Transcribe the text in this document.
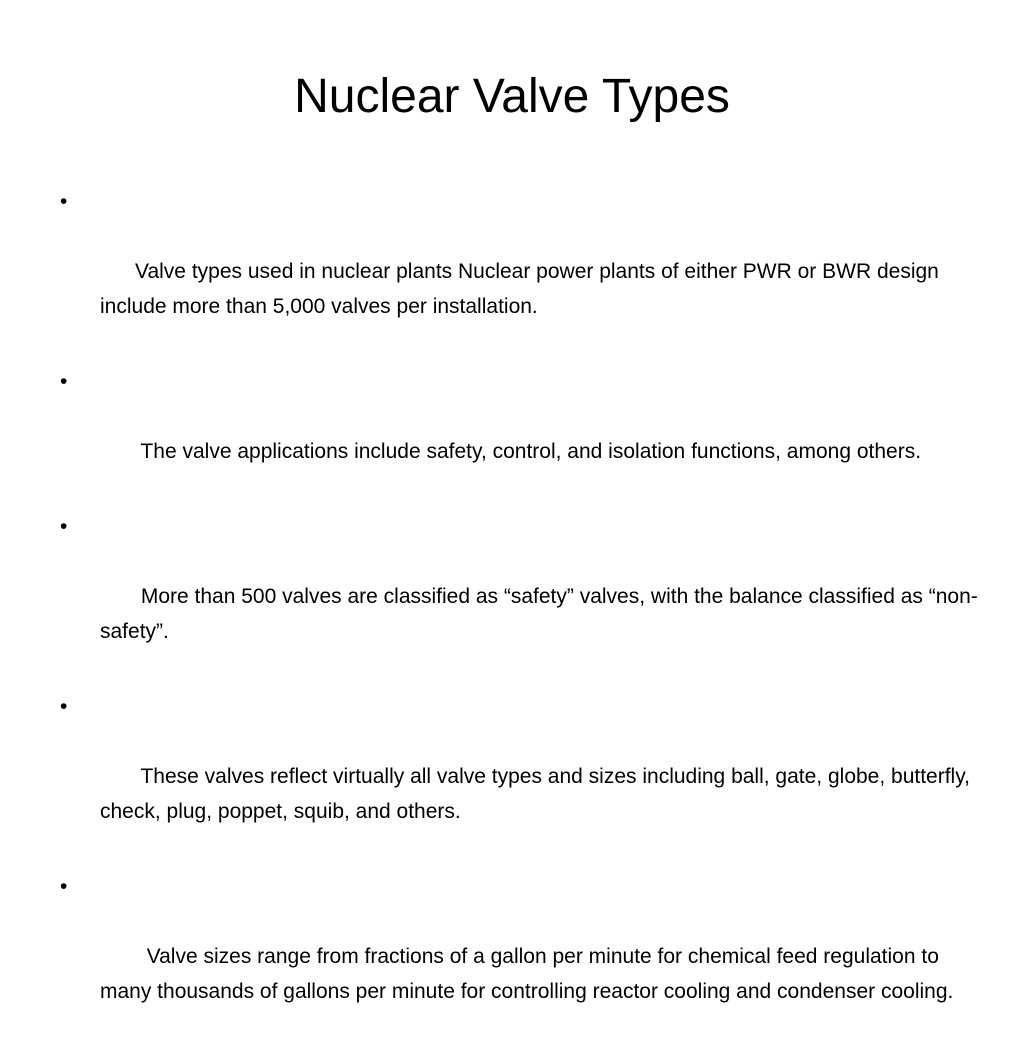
Nuclear Valve Types

•

Valve types used in nuclear plants Nuclear power plants of either PWR or BWR design include more than 5,000 valves per installation.

•

The valve applications include safety, control, and isolation functions, among others.

•

More than 500 valves are classified as “safety” valves, with the balance classified as “non-safety”.

•

These valves reflect virtually all valve types and sizes including ball, gate, globe, butterfly, check, plug, poppet, squib, and others.

•

Valve sizes range from fractions of a gallon per minute for chemical feed regulation to many thousands of gallons per minute for controlling reactor cooling and condenser cooling.
